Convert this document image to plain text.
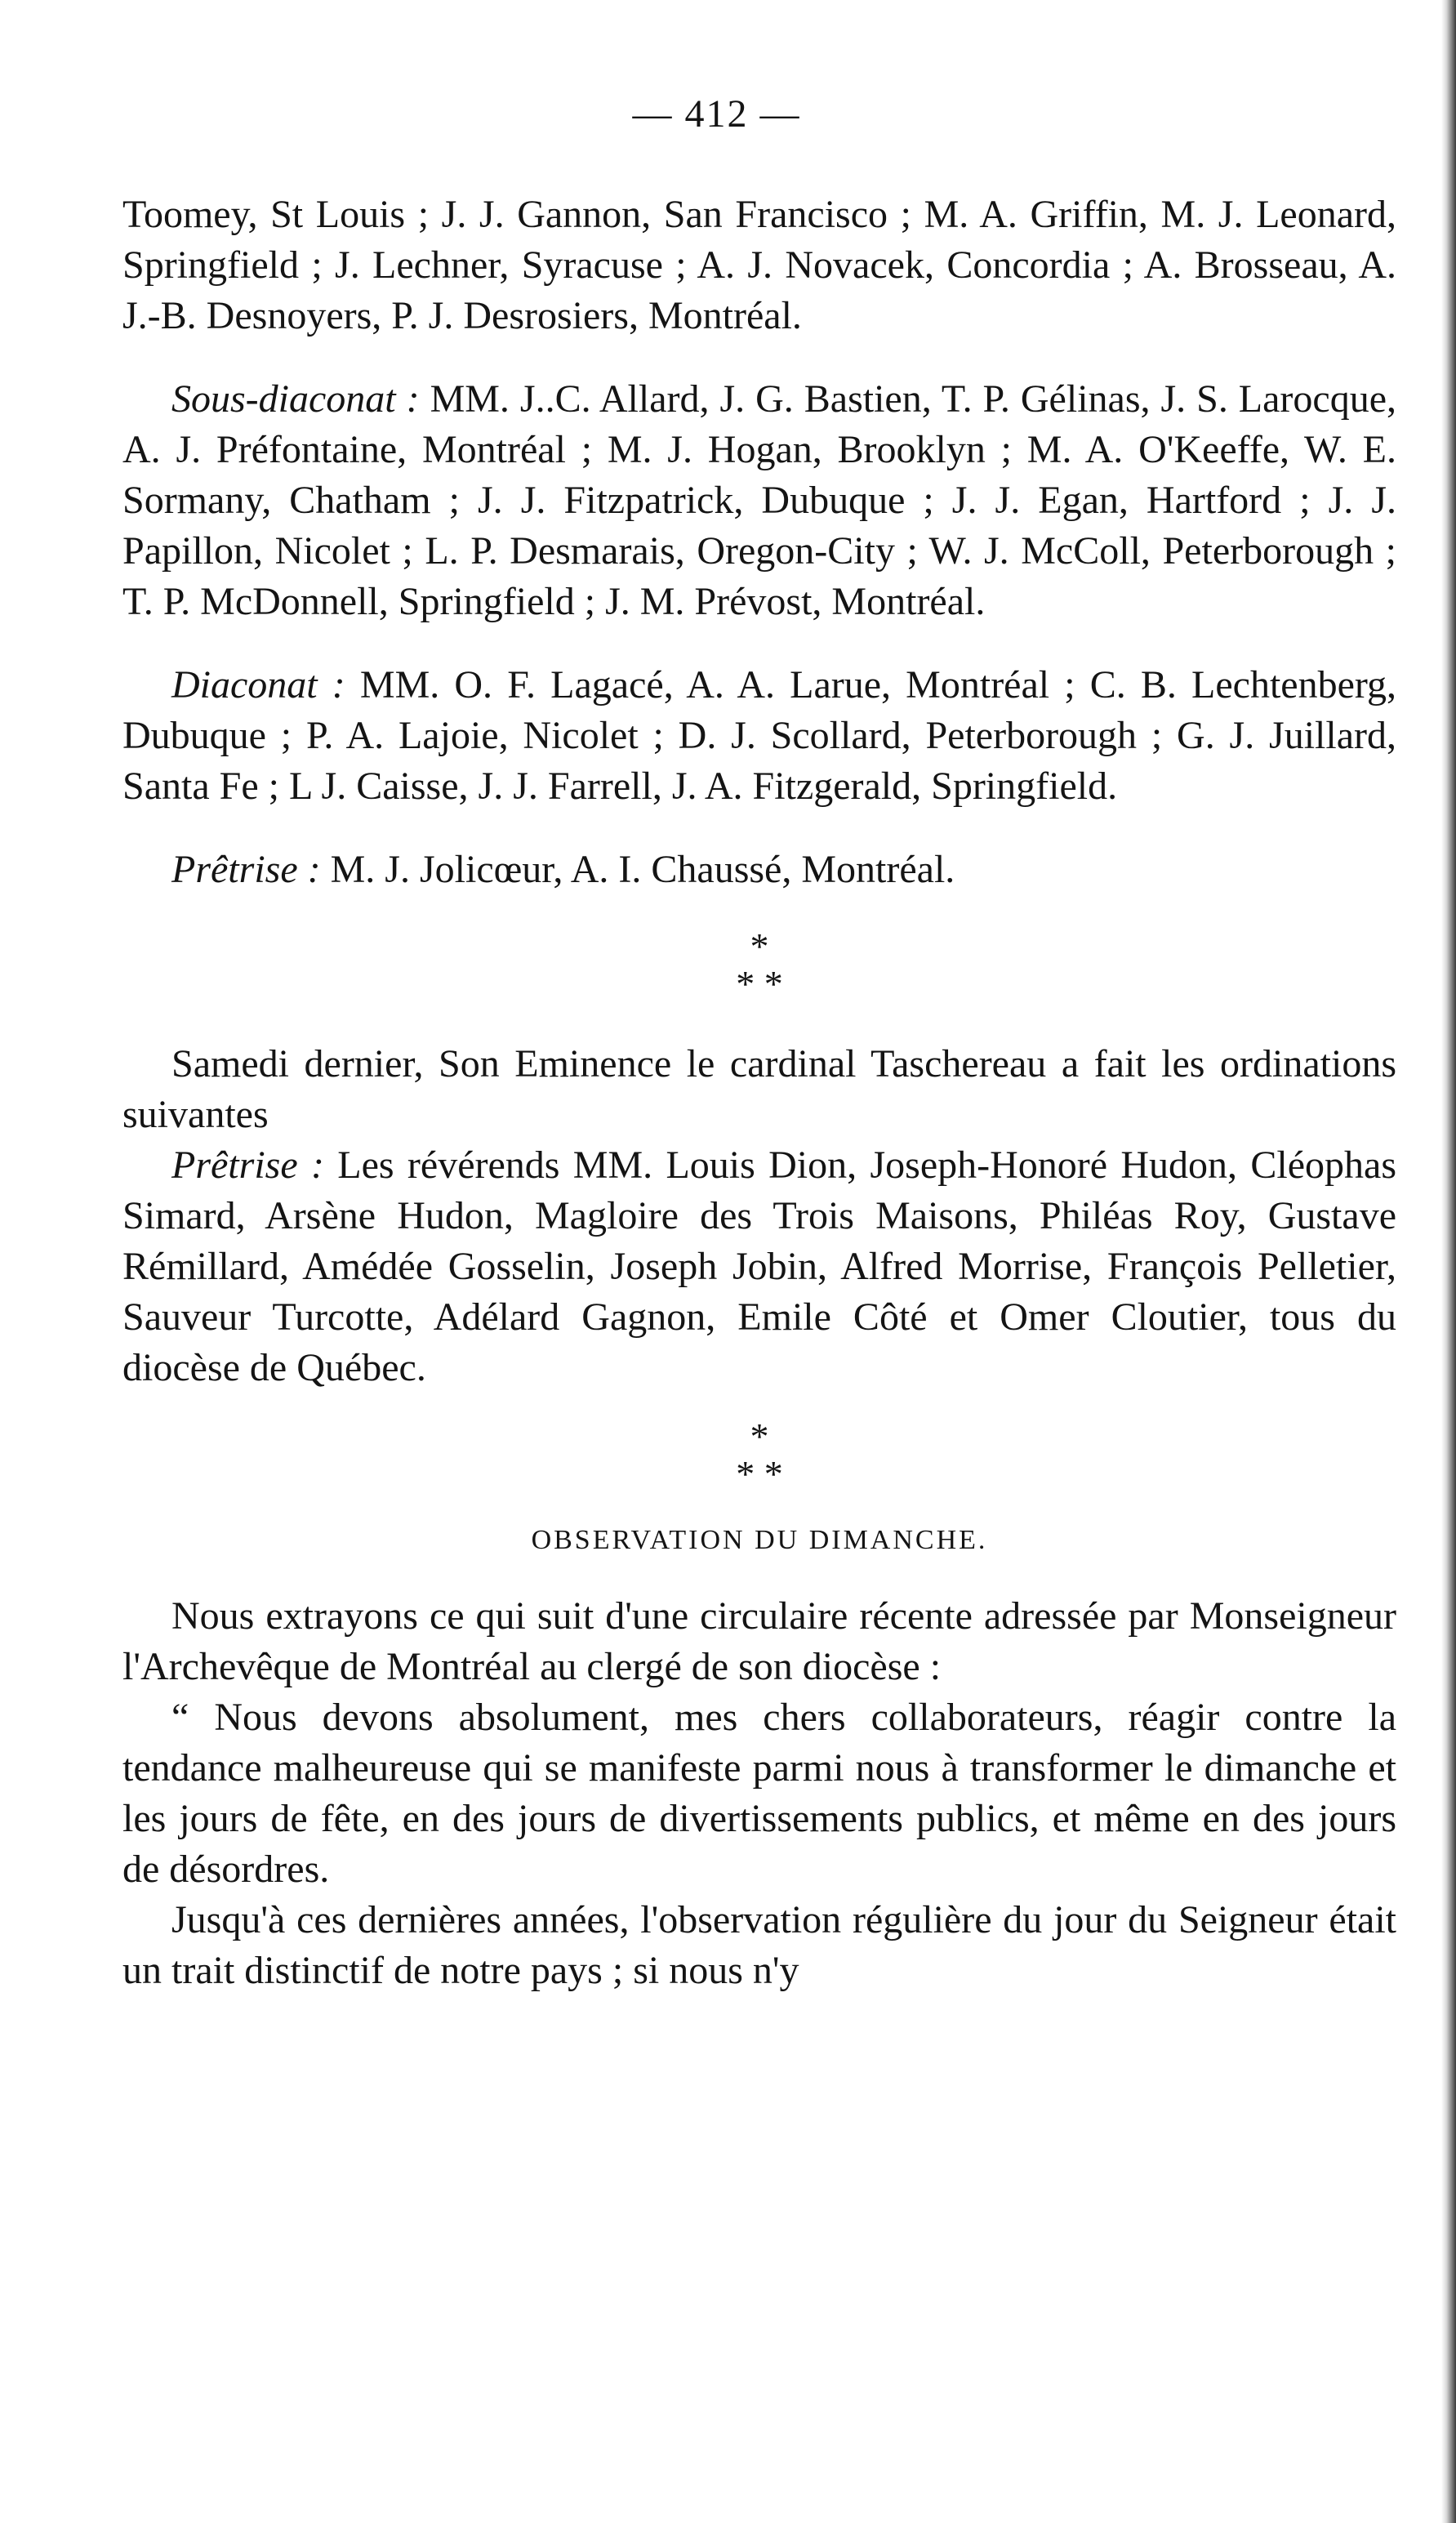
— 412 —

Toomey, St Louis ; J. J. Gannon, San Francisco ; M. A. Griffin, M. J. Leonard, Springfield ; J. Lechner, Syracuse ; A. J. Novacek, Concordia ; A. Brosseau, A. J.-B. Desnoyers, P. J. Desrosiers, Montréal.

Sous-diaconat : MM. J..C. Allard, J. G. Bastien, T. P. Gélinas, J. S. Larocque, A. J. Préfontaine, Montréal ; M. J. Hogan, Brooklyn ; M. A. O'Keeffe, W. E. Sormany, Chatham ; J. J. Fitzpatrick, Dubuque ; J. J. Egan, Hartford ; J. J. Papillon, Nicolet ; L. P. Desmarais, Oregon-City ; W. J. McColl, Peterborough ; T. P. McDonnell, Springfield ; J. M. Prévost, Montréal.

Diaconat : MM. O. F. Lagacé, A. A. Larue, Montréal ; C. B. Lechtenberg, Dubuque ; P. A. Lajoie, Nicolet ; D. J. Scollard, Peterborough ; G. J. Juillard, Santa Fe ; L J. Caisse, J. J. Farrell, J. A. Fitzgerald, Springfield.

Prêtrise : M. J. Jolicœur, A. I. Chaussé, Montréal.

*
* *

Samedi dernier, Son Eminence le cardinal Taschereau a fait les ordinations suivantes

Prêtrise : Les révérends MM. Louis Dion, Joseph-Honoré Hudon, Cléophas Simard, Arsène Hudon, Magloire des Trois Maisons, Philéas Roy, Gustave Rémillard, Amédée Gosselin, Joseph Jobin, Alfred Morrise, François Pelletier, Sauveur Turcotte, Adélard Gagnon, Emile Côté et Omer Cloutier, tous du diocèse de Québec.

*
* *
OBSERVATION DU DIMANCHE.

Nous extrayons ce qui suit d'une circulaire récente adressée par Monseigneur l'Archevêque de Montréal au clergé de son diocèse :

“ Nous devons absolument, mes chers collaborateurs, réagir contre la tendance malheureuse qui se manifeste parmi nous à transformer le dimanche et les jours de fête, en des jours de divertissements publics, et même en des jours de désordres.

Jusqu'à ces dernières années, l'observation régulière du jour du Seigneur était un trait distinctif de notre pays ; si nous n'y
